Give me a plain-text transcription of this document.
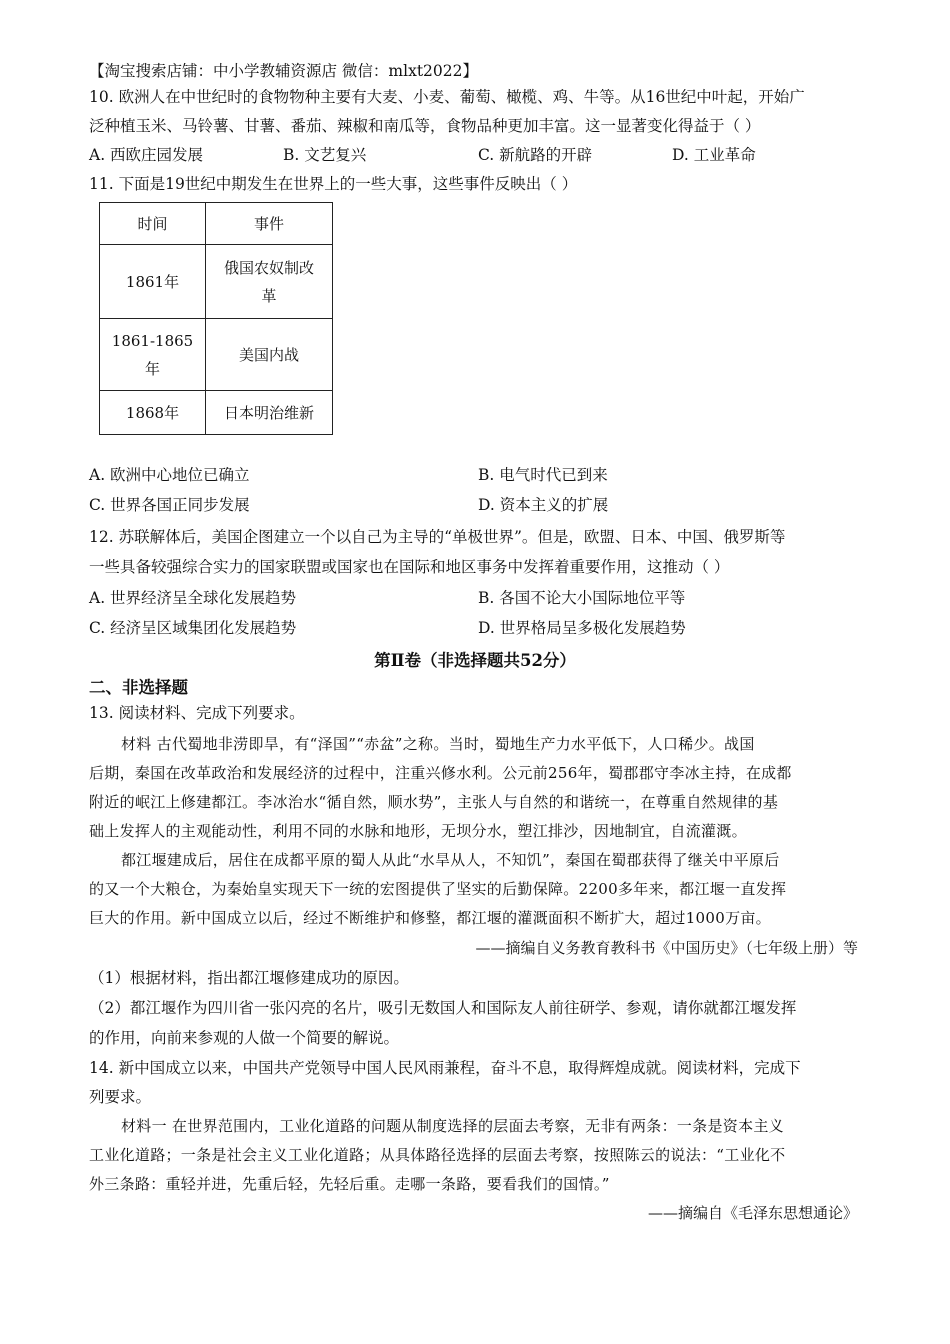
【淘宝搜索店铺：中小学教辅资源店 微信：mlxt2022】
10. 欧洲人在中世纪时的食物物种主要有大麦、小麦、葡萄、橄榄、鸡、牛等。从16世纪中叶起，开始广
泛种植玉米、马铃薯、甘薯、番茄、辣椒和南瓜等，食物品种更加丰富。这一显著变化得益于（ ）
A. 西欧庄园发展	B. 文艺复兴	C. 新航路的开辟	D. 工业革命
11. 下面是19世纪中期发生在世界上的一些大事，这些事件反映出（ ）
时间	事件
1861年	俄国农奴制改
革
1861-1865
年	美国内战
1868年	日本明治维新
A. 欧洲中心地位已确立	B. 电气时代已到来
C. 世界各国正同步发展	D. 资本主义的扩展
12. 苏联解体后，美国企图建立一个以自己为主导的“单极世界”。但是，欧盟、日本、中国、俄罗斯等
一些具备较强综合实力的国家联盟或国家也在国际和地区事务中发挥着重要作用，这推动（ ）
A. 世界经济呈全球化发展趋势	B. 各国不论大小国际地位平等
C. 经济呈区域集团化发展趋势	D. 世界格局呈多极化发展趋势
第Ⅱ卷（非选择题共52分）
二、非选择题
13. 阅读材料、完成下列要求。
材料 古代蜀地非涝即旱，有“泽国”“赤盆”之称。当时，蜀地生产力水平低下，人口稀少。战国
后期，秦国在改革政治和发展经济的过程中，注重兴修水利。公元前256年，蜀郡郡守李冰主持，在成都
附近的岷江上修建都江。李冰治水“循自然，顺水势”，主张人与自然的和谐统一，在尊重自然规律的基
础上发挥人的主观能动性，利用不同的水脉和地形，无坝分水，塑江排沙，因地制宜，自流灌溉。
都江堰建成后，居住在成都平原的蜀人从此“水旱从人，不知饥”，秦国在蜀郡获得了继关中平原后
的又一个大粮仓，为秦始皇实现天下一统的宏图提供了坚实的后勤保障。2200多年来，都江堰一直发挥
巨大的作用。新中国成立以后，经过不断维护和修整，都江堰的灌溉面积不断扩大，超过1000万亩。
——摘编自义务教育教科书《中国历史》（七年级上册）等
（1）根据材料，指出都江堰修建成功的原因。
（2）都江堰作为四川省一张闪亮的名片，吸引无数国人和国际友人前往研学、参观，请你就都江堰发挥
的作用，向前来参观的人做一个简要的解说。
14. 新中国成立以来，中国共产党领导中国人民风雨兼程，奋斗不息，取得辉煌成就。阅读材料，完成下
列要求。
材料一 在世界范围内，工业化道路的问题从制度选择的层面去考察，无非有两条：一条是资本主义
工业化道路；一条是社会主义工业化道路；从具体路径选择的层面去考察，按照陈云的说法：“工业化不
外三条路：重轻并进，先重后轻，先轻后重。走哪一条路，要看我们的国情。”
——摘编自《毛泽东思想通论》
